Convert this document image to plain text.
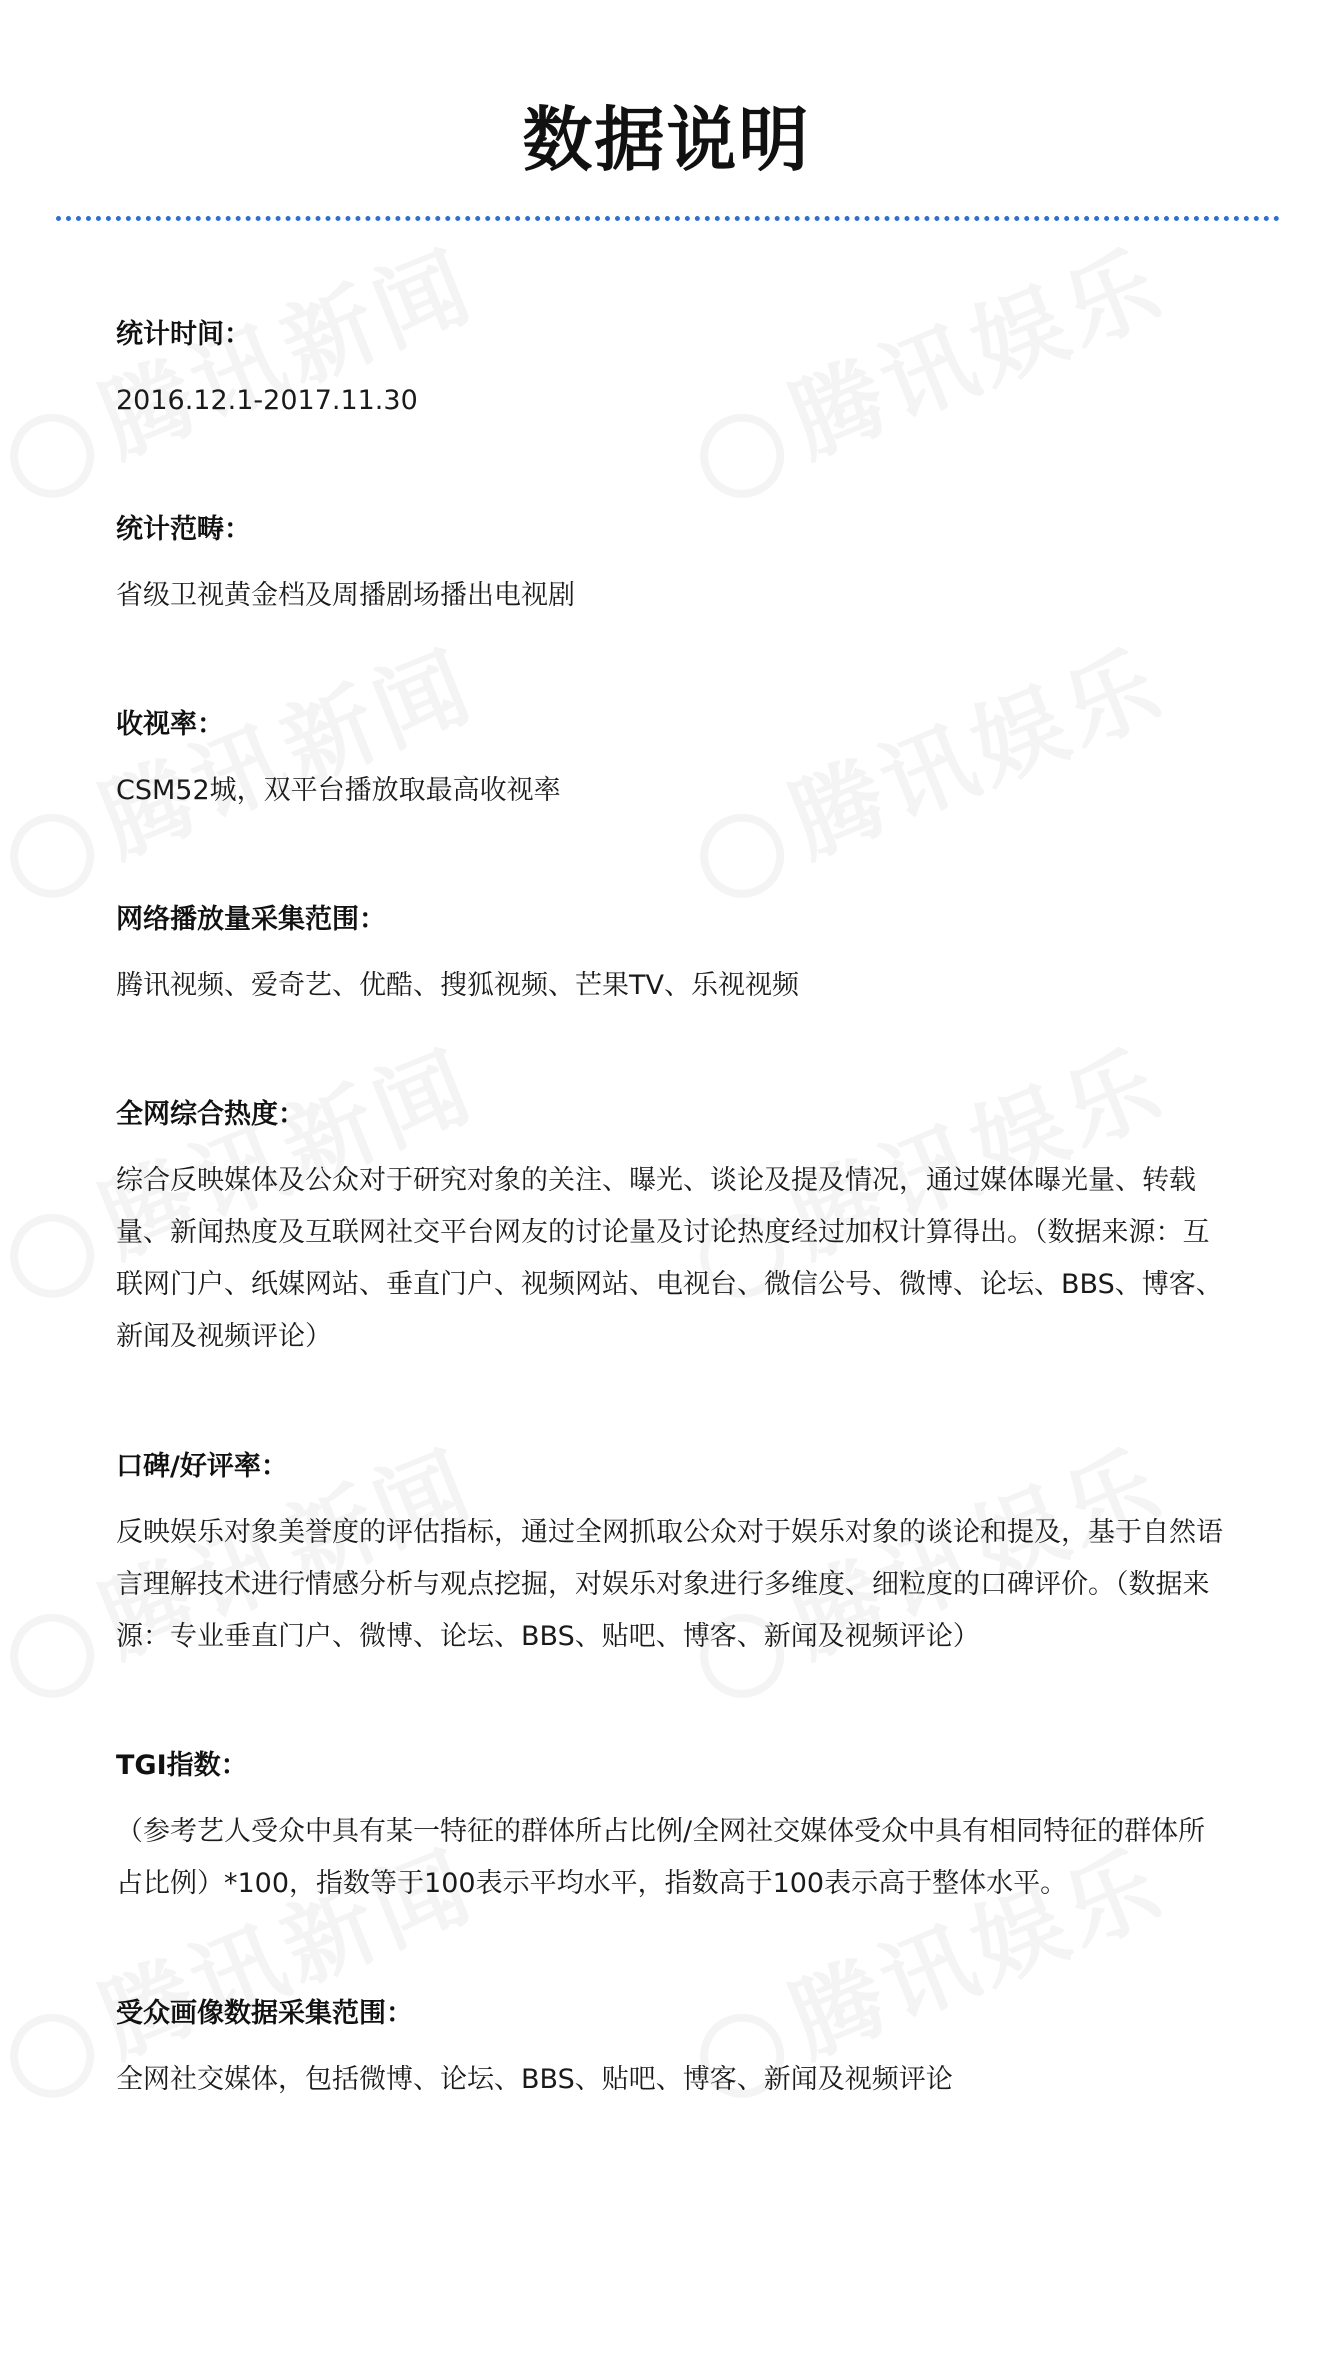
数据说明

统计时间：

2016.12.1-2017.11.30

统计范畴：

省级卫视黄金档及周播剧场播出电视剧

收视率：

CSM52城，双平台播放取最高收视率

网络播放量采集范围：

腾讯视频、爱奇艺、优酷、搜狐视频、芒果TV、乐视视频

全网综合热度：

综合反映媒体及公众对于研究对象的关注、曝光、谈论及提及情况，通过媒体曝光量、转载量、新闻热度及互联网社交平台网友的讨论量及讨论热度经过加权计算得出。（数据来源：互联网门户、纸媒网站、垂直门户、视频网站、电视台、微信公号、微博、论坛、BBS、博客、新闻及视频评论）

口碑/好评率：

反映娱乐对象美誉度的评估指标，通过全网抓取公众对于娱乐对象的谈论和提及，基于自然语言理解技术进行情感分析与观点挖掘，对娱乐对象进行多维度、细粒度的口碑评价。（数据来源：专业垂直门户、微博、论坛、BBS、贴吧、博客、新闻及视频评论）

TGI指数：

（参考艺人受众中具有某一特征的群体所占比例/全网社交媒体受众中具有相同特征的群体所占比例）*100，指数等于100表示平均水平，指数高于100表示高于整体水平。

受众画像数据采集范围：

全网社交媒体，包括微博、论坛、BBS、贴吧、博客、新闻及视频评论
